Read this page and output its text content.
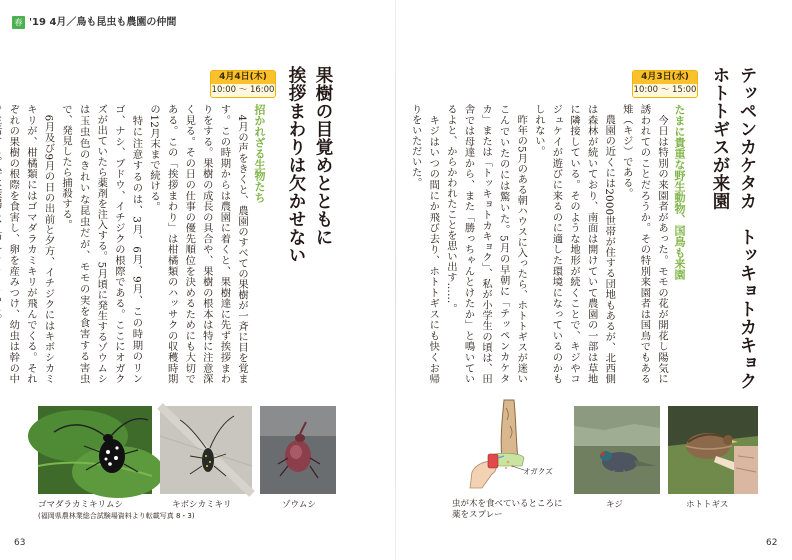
春 '19 4月／鳥も昆虫も農園の仲間
テッペンカケタカ　トッキョトカキョク
ホトトギスが来園
4月3日(水)
10:00 ～ 15:00
たまに貴重な野生動物、国鳥も来園
　今日は特別の来園者があった。モモの花が開花し陽気に誘われてのことだろうか。その特別来園者は国鳥でもある雉（キジ）である。
　農園の近くには2000世帯が住する団地もあるが、北西側は森林が続いており、南面は開けていて農園の一部は草地に隣接している。そのような地形が続くことで、キジやコジュケイが遊びに来るのに適した環境になっているのかもしれない。
　昨年の5月のある朝ハウスに入ったら、ホトトギスが迷いこんでいたのには驚いた。5月の早朝に「テッペンカケタカ」または「トッキョトカキョク」、私が小学生の頃は、田舎では母達から、また「勝っちゃんとけたか」と鳴いているよと、からかわれたことを思い出す……。
　キジはいつの間にか飛び去り、ホトトギスにも快くお帰りをいただいた。
オガクズ
虫が木を食べているところに
薬をスプレー
キジ	ホトトギス
62
果樹の目覚めとともに
挨拶まわりは欠かせない
4月4日(木)
10:00 ～ 16:00
招かれざる生物たち
　4月の声をきくと、農園のすべての果樹が一斉に目を覚ます。この時期からは農園に着くと、果樹達に先ず挨拶まわりをする。果樹の成長の具合や、果樹の根本は特に注意深く見る。その日の仕事の優先順位を決めるためにも大切である。この「挨拶まわり」は柑橘類のハッサクの収穫時期の12月末まで続ける。
　特に注意するのは、3月、6月、9月、この時期のリンゴ、ナシ、ブドウ、イチジクの根際である。ここにオガクズが出ていたら薬剤を注入する。5月頃に発生するゾウムシは玉虫色のきれいな昆虫だが、モモの実を食害する害虫で、発見したら捕殺する。
　6月及び9月の日の出前と夕方、イチジクにはキボシカミキリが、柑橘類にはゴマダラカミキリが飛んでくる。それぞれの果樹の根際を食害し、卵を産みつけ、幼虫は幹の中
ゴマダラカミキリムシ
(福岡県農林業総合試験場資料より転載写真 8・3)
キボシカミキリ	ゾウムシ
63
